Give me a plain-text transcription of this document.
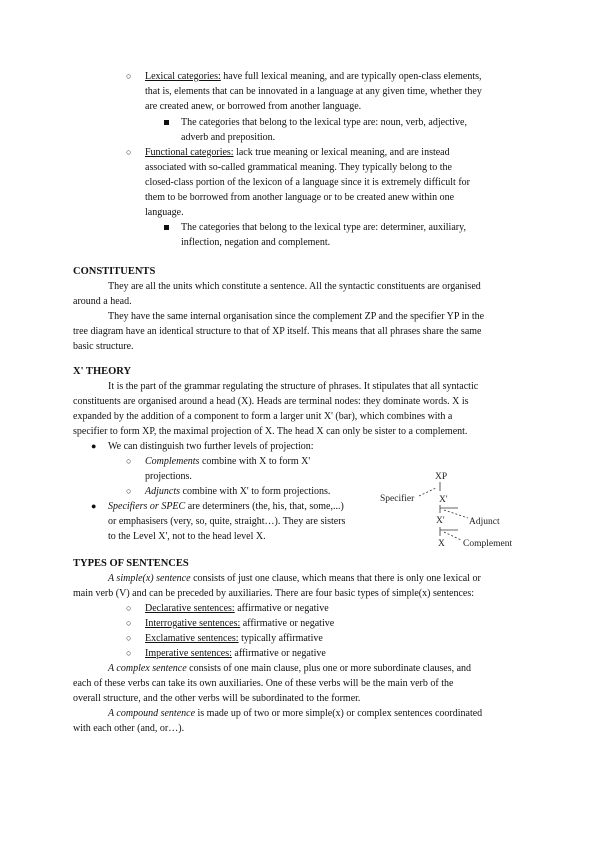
○ Lexical categories: have full lexical meaning, and are typically open-class elements,
that is, elements that can be innovated in a language at any given time, whether they
are created anew, or borrowed from another language.
The categories that belong to the lexical type are: noun, verb, adjective,
adverb and preposition.
○ Functional categories: lack true meaning or lexical meaning, and are instead
associated with so-called grammatical meaning. They typically belong to the
closed-class portion of the lexicon of a language since it is extremely difficult for
them to be borrowed from another language or to be created anew within one
language.
The categories that belong to the lexical type are: determiner, auxiliary,
inflection, negation and complement.
CONSTITUENTS
They are all the units which constitute a sentence. All the syntactic constituents are organised
around a head.
They have the same internal organisation since the complement ZP and the specifier YP in the
tree diagram have an identical structure to that of XP itself. This means that all phrases share the same
basic structure.
X' THEORY
It is the part of the grammar regulating the structure of phrases. It stipulates that all syntactic
constituents are organised around a head (X). Heads are terminal nodes: they dominate words. X is
expanded by the addition of a component to form a larger unit X' (bar), which combines with a
specifier to form XP, the maximal projection of X. The head X can only be sister to a complement.
● We can distinguish two further levels of projection:
○ Complements combine with X to form X'
projections.
○ Adjuncts combine with X' to form projections.
● Specifiers or SPEC are determiners (the, his, that, some,...)
or emphasisers (very, so, quite, straight…). They are sisters
to the Level X', not to the head level X.
XP
Specifier	X'
X'	Adjunct
X Complement
TYPES OF SENTENCES
A simple(x) sentence consists of just one clause, which means that there is only one lexical or
main verb (V) and can be preceded by auxiliaries. There are four basic types of simple(x) sentences:
○ Declarative sentences: affirmative or negative
○ Interrogative sentences: affirmative or negative
○ Exclamative sentences: typically affirmative
○ Imperative sentences: affirmative or negative
A complex sentence consists of one main clause, plus one or more subordinate clauses, and
each of these verbs can take its own auxiliaries. One of these verbs will be the main verb of the
overall structure, and the other verbs will be subordinated to the former.
A compound sentence is made up of two or more simple(x) or complex sentences coordinated
with each other (and, or…).
